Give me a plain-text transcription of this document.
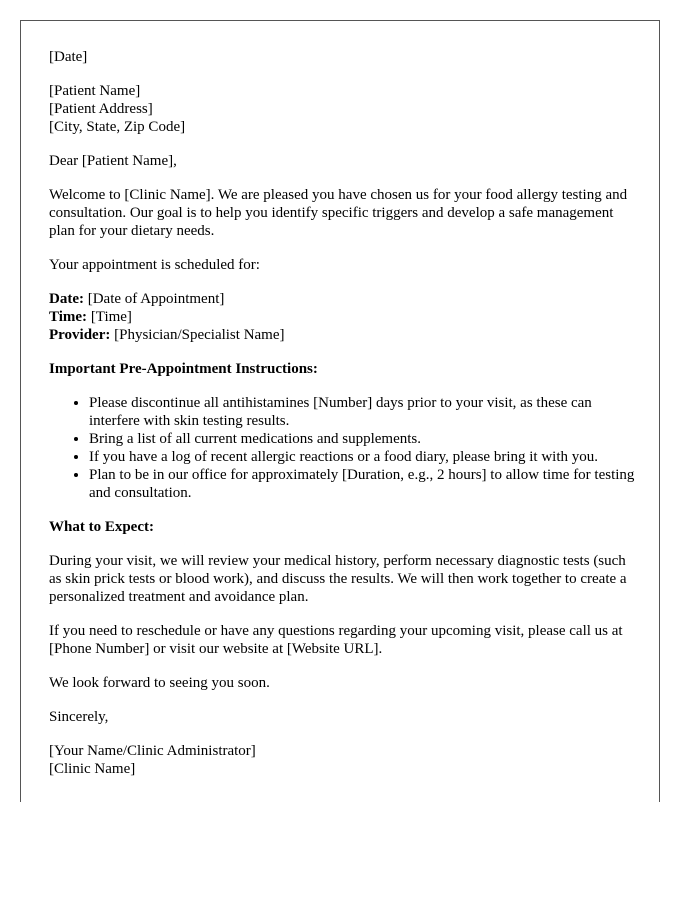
[Date]
[Patient Name]
[Patient Address]
[City, State, Zip Code]
Dear [Patient Name],
Welcome to [Clinic Name]. We are pleased you have chosen us for your food allergy testing and consultation. Our goal is to help you identify specific triggers and develop a safe management plan for your dietary needs.
Your appointment is scheduled for:
Date: [Date of Appointment]
Time: [Time]
Provider: [Physician/Specialist Name]
Important Pre-Appointment Instructions:
• Please discontinue all antihistamines [Number] days prior to your visit, as these can interfere with skin testing results.
• Bring a list of all current medications and supplements.
• If you have a log of recent allergic reactions or a food diary, please bring it with you.
• Plan to be in our office for approximately [Duration, e.g., 2 hours] to allow time for testing and consultation.
What to Expect:
During your visit, we will review your medical history, perform necessary diagnostic tests (such as skin prick tests or blood work), and discuss the results. We will then work together to create a personalized treatment and avoidance plan.
If you need to reschedule or have any questions regarding your upcoming visit, please call us at [Phone Number] or visit our website at [Website URL].
We look forward to seeing you soon.
Sincerely,
[Your Name/Clinic Administrator]
[Clinic Name]
